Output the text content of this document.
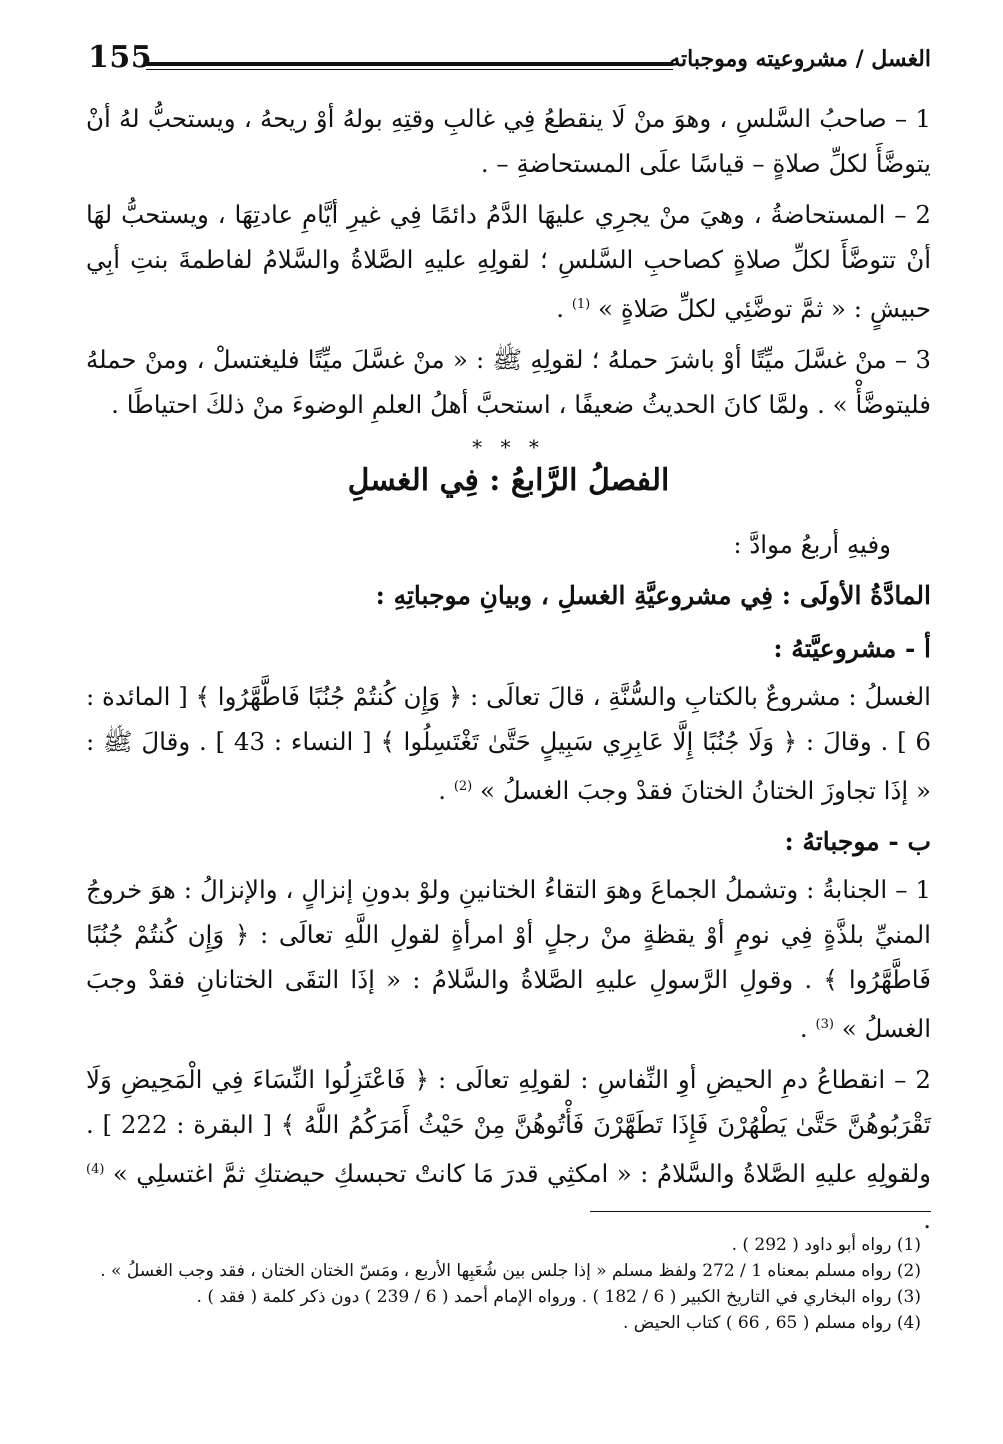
155	الغسل / مشروعيته وموجباته

1 – صاحبُ السَّلسِ ، وهوَ منْ لَا ينقطعُ فِي غالبِ وقتِهِ بولهُ أوْ ريحهُ ، ويستحبُّ لهُ أنْ يتوضَّأَ لكلِّ صلاةٍ – قياسًا علَى المستحاضةِ – .

2 – المستحاضةُ ، وهيَ منْ يجرِي عليهَا الدَّمُ دائمًا فِي غيرِ أيَّامِ عادتِهَا ، ويستحبُّ لهَا أنْ تتوضَّأَ لكلِّ صلاةٍ كصاحبِ السَّلسِ ؛ لقولِهِ عليهِ الصَّلاةُ والسَّلامُ لفاطمةَ بنتِ أبِي حبيشٍ : « ثمَّ توضَّئِي لكلِّ صَلاةٍ » $^{(1)}$ .

3 – منْ غسَّلَ ميِّتًا أوْ باشرَ حملهُ ؛ لقولِهِ ﷺ : « منْ غسَّلَ ميِّتًا فليغتسلْ ، ومنْ حملهُ فليتوضَّأْ » . ولمَّا كانَ الحديثُ ضعيفًا ، استحبَّ أهلُ العلمِ الوضوءَ منْ ذلكَ احتياطًا .

* * *
الفصلُ الرَّابعُ : فِي الغسلِ

وفيهِ أربعُ موادَّ :

المادَّةُ الأولَى : فِي مشروعيَّةِ الغسلِ ، وبيانِ موجباتِهِ :
أ - مشروعيَّتهُ :

الغسلُ : مشروعٌ بالكتابِ والسُّنَّةِ ، قالَ تعالَى : ﴿ وَإِن كُنتُمْ جُنُبًا فَاطَّهَّرُوا ﴾ [ المائدة : 6 ] . وقالَ : ﴿ وَلَا جُنُبًا إِلَّا عَابِرِي سَبِيلٍ حَتَّىٰ تَغْتَسِلُوا ﴾ [ النساء : 43 ] . وقالَ ﷺ : « إذَا تجاوزَ الختانُ الختانَ فقدْ وجبَ الغسلُ » $^{(2)}$ .

ب - موجباتهُ :

1 – الجنابةُ : وتشملُ الجماعَ وهوَ التقاءُ الختانينِ ولوْ بدونِ إنزالٍ ، والإنزالُ : هوَ خروجُ المنيِّ بلذَّةٍ فِي نومٍ أوْ يقظةٍ منْ رجلٍ أوْ امرأةٍ لقولِ اللَّهِ تعالَى : ﴿ وَإِن كُنتُمْ جُنُبًا فَاطَّهَّرُوا ﴾ . وقولِ الرَّسولِ عليهِ الصَّلاةُ والسَّلامُ : « إذَا التقَى الختانانِ فقدْ وجبَ الغسلُ » $^{(3)}$ .

2 – انقطاعُ دمِ الحيضِ أوِ النِّفاسِ : لقولِهِ تعالَى : ﴿ فَاعْتَزِلُوا النِّسَاءَ فِي الْمَحِيضِ وَلَا تَقْرَبُوهُنَّ حَتَّىٰ يَطْهُرْنَ فَإِذَا تَطَهَّرْنَ فَأْتُوهُنَّ مِنْ حَيْثُ أَمَرَكُمُ اللَّهُ ﴾ [ البقرة : 222 ] . ولقولِهِ عليهِ الصَّلاةُ والسَّلامُ : « امكثِي قدرَ مَا كانتْ تحبسكِ حيضتكِ ثمَّ اغتسلِي » $^{(4)}$ .

(1) رواه أبو داود ( 292 ) .

(2) رواه مسلم بمعناه 1 / 272 ولفظ مسلم « إذا جلس بين شُعَبِها الأربع ، ومَسّ الختان الختان ، فقد وجب الغسلُ » .

(3) رواه البخاري في التاريخ الكبير ( 6 / 182 ) . ورواه الإمام أحمد ( 6 / 239 ) دون ذكر كلمة ( فقد ) .

(4) رواه مسلم ( 65 , 66 ) كتاب الحيض .
